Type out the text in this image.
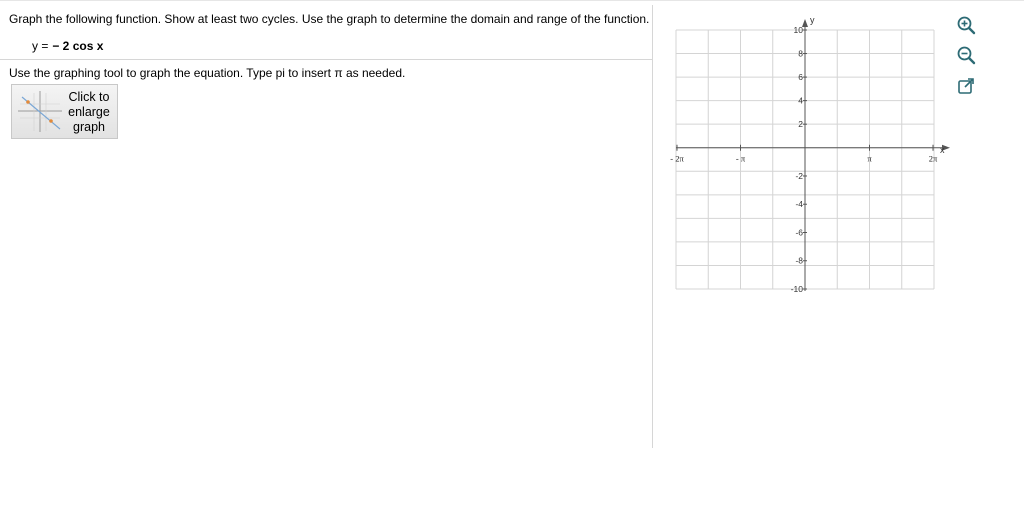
Graph the following function. Show at least two cycles. Use the graph to determine the domain and range of the function.
y = − 2 cos x
Use the graphing tool to graph the equation. Type pi to insert π as needed.
Click to
enlarge
graph
- 2π	- π	π	2π
10
8
6
4
2
-2
-4
-6
-8
-10
x
y
